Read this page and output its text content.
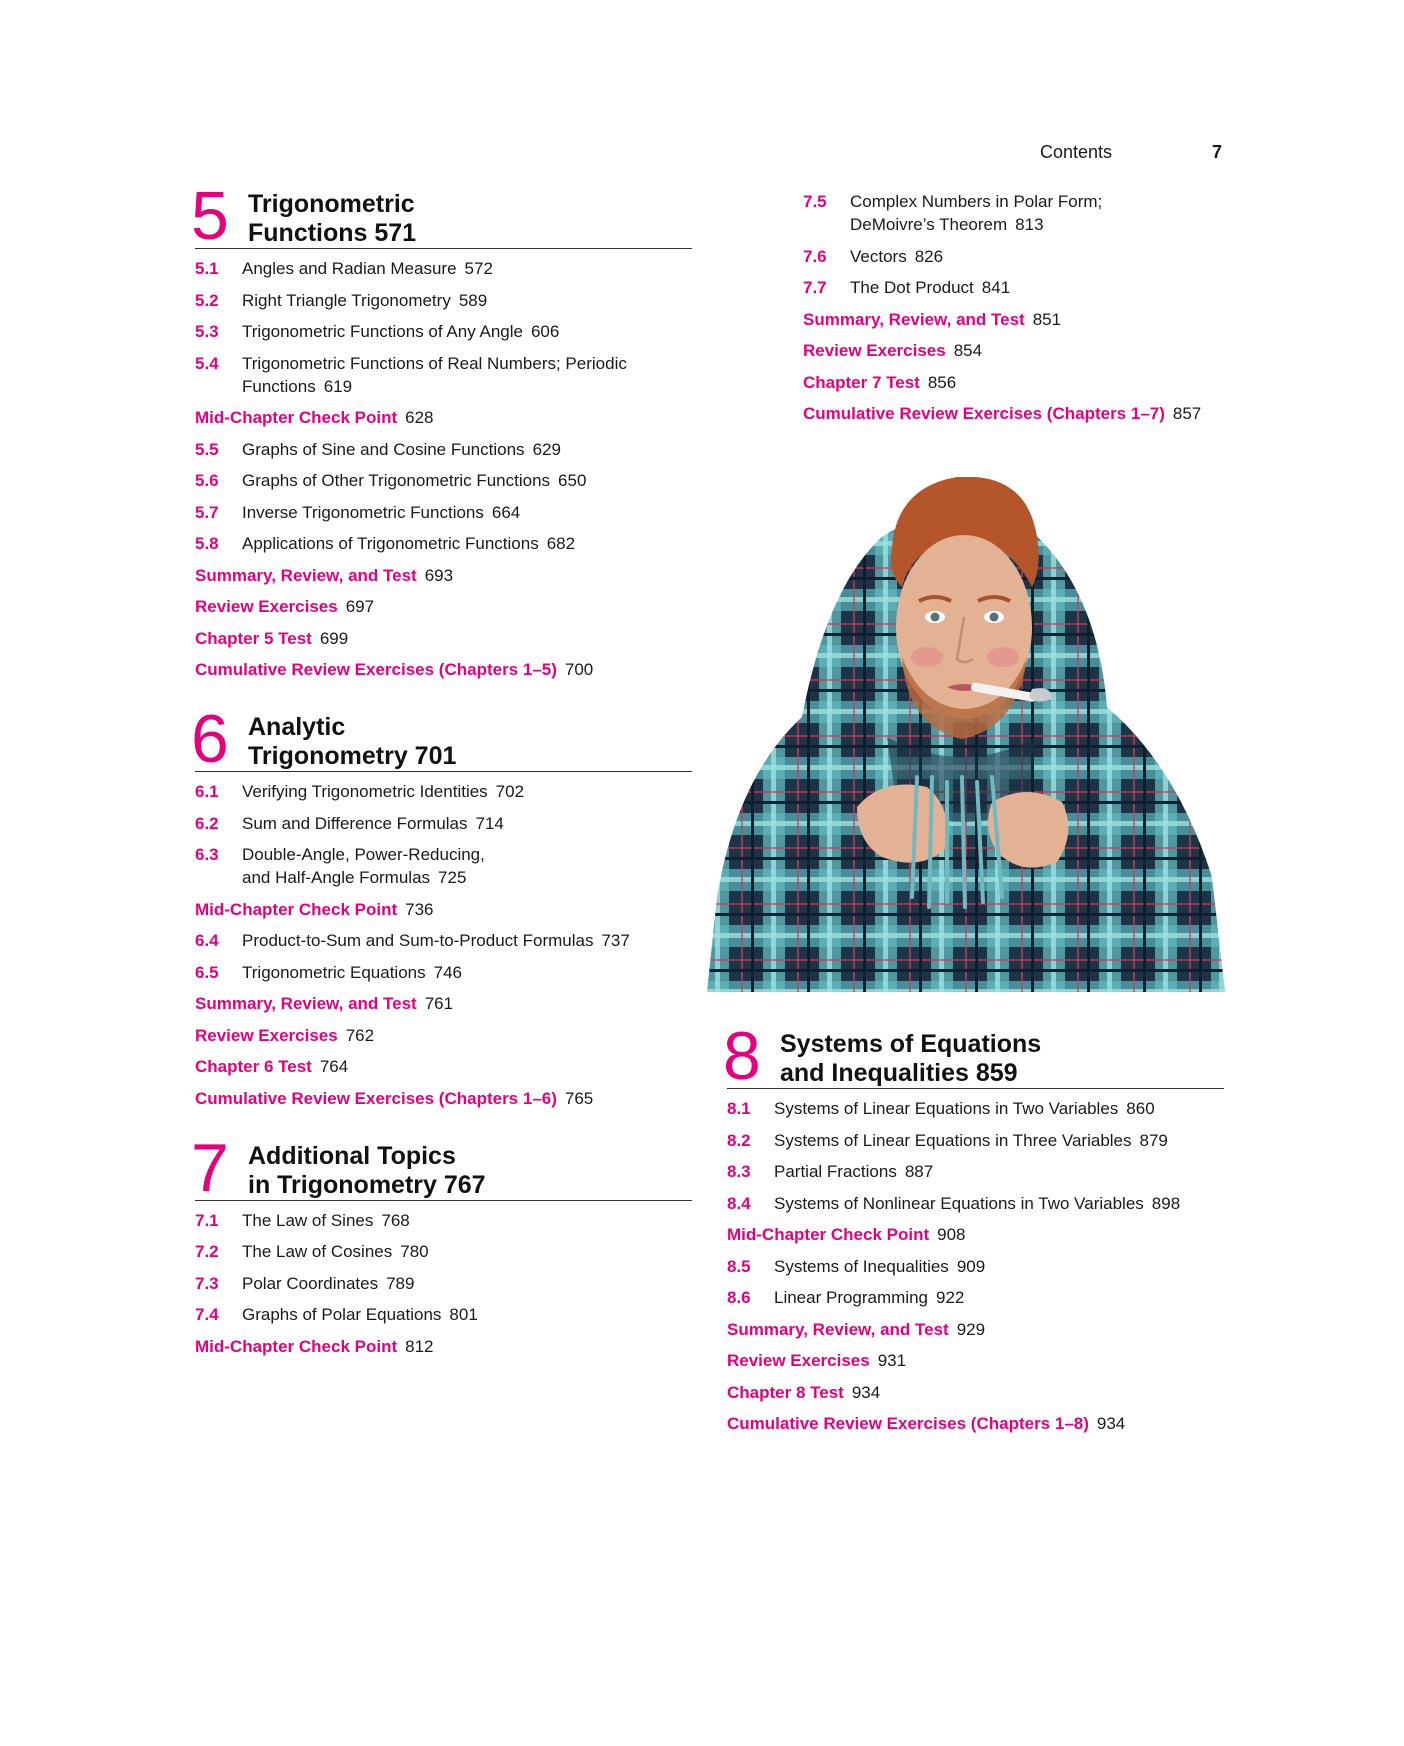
Contents	7
5 Trigonometric
Functions 571
5.1 Angles and Radian Measure 572
5.2 Right Triangle Trigonometry 589
5.3 Trigonometric Functions of Any Angle 606
5.4 Trigonometric Functions of Real Numbers; Periodic
Functions 619
Mid-Chapter Check Point 628
5.5 Graphs of Sine and Cosine Functions 629
5.6 Graphs of Other Trigonometric Functions 650
5.7 Inverse Trigonometric Functions 664
5.8 Applications of Trigonometric Functions 682
Summary, Review, and Test 693
Review Exercises 697
Chapter 5 Test 699
Cumulative Review Exercises (Chapters 1–5) 700
6 Analytic
Trigonometry 701
6.1 Verifying Trigonometric Identities 702
6.2 Sum and Difference Formulas 714
6.3 Double-Angle, Power-Reducing,
and Half-Angle Formulas 725
Mid-Chapter Check Point 736
6.4 Product-to-Sum and Sum-to-Product Formulas 737
6.5 Trigonometric Equations 746
Summary, Review, and Test 761
Review Exercises 762
Chapter 6 Test 764
Cumulative Review Exercises (Chapters 1–6) 765
7 Additional Topics
in Trigonometry 767
7.1 The Law of Sines 768
7.2 The Law of Cosines 780
7.3 Polar Coordinates 789
7.4 Graphs of Polar Equations 801
Mid-Chapter Check Point 812
7.5 Complex Numbers in Polar Form;
DeMoivre’s Theorem 813
7.6 Vectors 826
7.7 The Dot Product 841
Summary, Review, and Test 851
Review Exercises 854
Chapter 7 Test 856
Cumulative Review Exercises (Chapters 1–7) 857
8 Systems of Equations
and Inequalities 859
8.1 Systems of Linear Equations in Two Variables 860
8.2 Systems of Linear Equations in Three Variables 879
8.3 Partial Fractions 887
8.4 Systems of Nonlinear Equations in Two Variables 898
Mid-Chapter Check Point 908
8.5 Systems of Inequalities 909
8.6 Linear Programming 922
Summary, Review, and Test 929
Review Exercises 931
Chapter 8 Test 934
Cumulative Review Exercises (Chapters 1–8) 934
